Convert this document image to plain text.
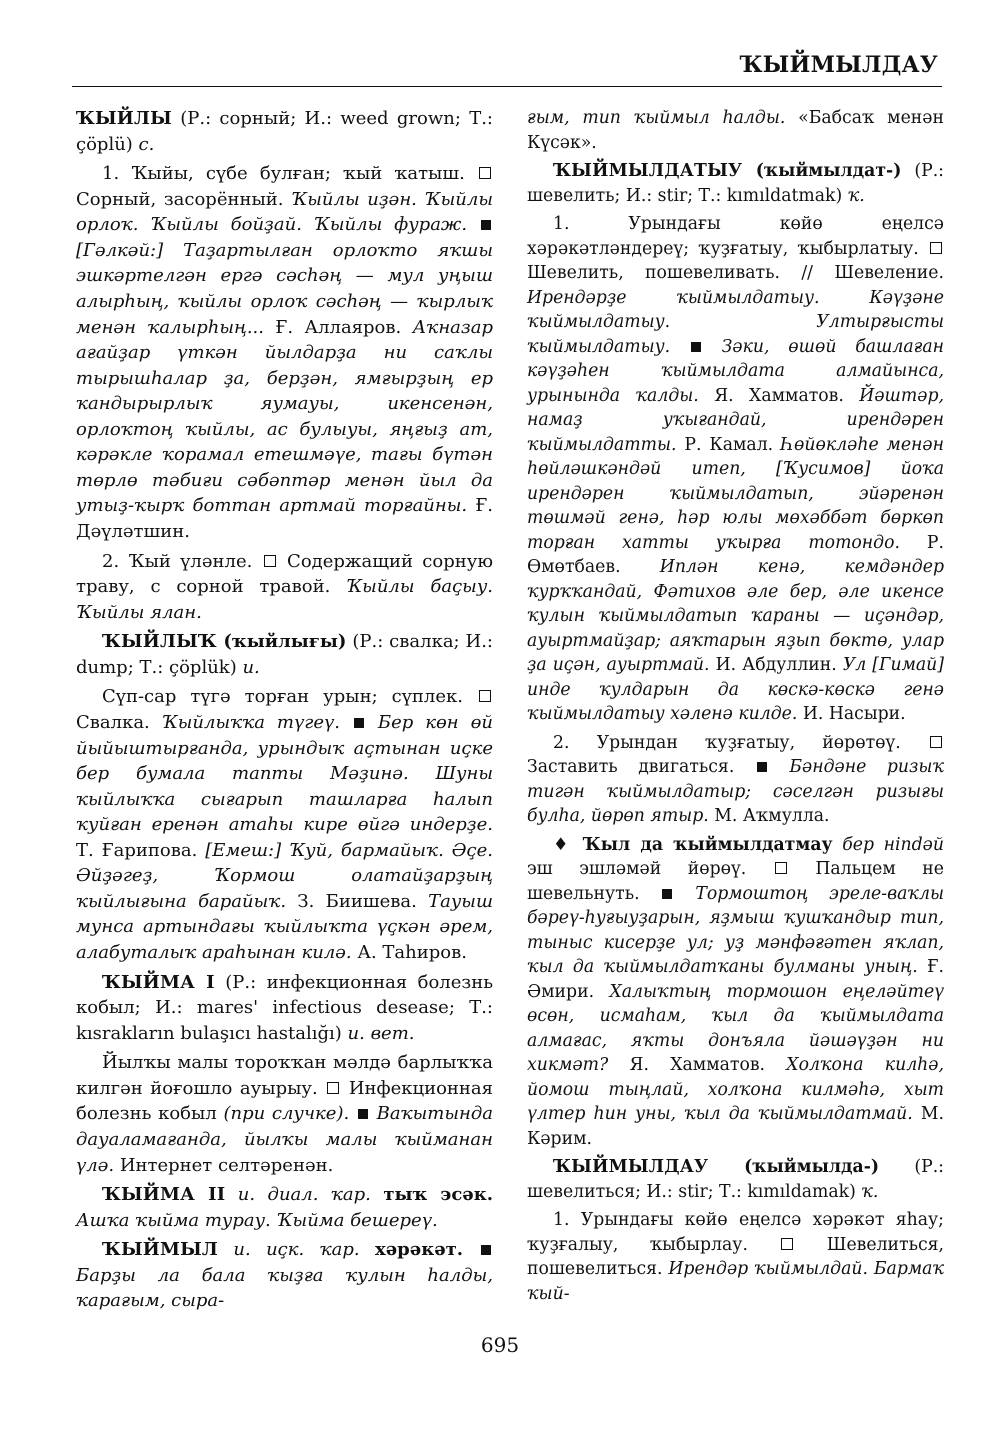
ҠЫЙМЫЛДАУ

ҠЫЙЛЫ (Р.: сорный; И.: weed grown; Т.: çöplü) с.

1. Ҡыйы, сүбе булған; ҡый ҡатыш.  Сорный, засорённый. Ҡыйлы иҙән. Ҡыйлы орлоҡ. Ҡыйлы бойҙай. Ҡыйлы фураж.  [Гәлкәй:] Таҙартылған орлоҡто яҡшы эшкәртелгән ергә сәсһәң — мул уңыш алырһың, ҡыйлы орлоҡ сәсһәң — ҡырлыҡ менән ҡалырһың... Ғ. Аллаяров. Аҡназар ағайҙар үткән йылдарҙа ни саҡлы тырышһалар ҙа, берҙән, ямғырҙың ер ҡандырырлыҡ яумауы, икенсенән, орлоҡтоң ҡыйлы, ас булыуы, яңғыҙ ат, кәрәкле ҡорамал етешмәүе, тағы бүтән төрлө тәбиғи сәбәптәр менән йыл да утыҙ-ҡырҡ боттан артмай торғайны. Ғ. Дәүләтшин.

2. Ҡый үләнле.  Содержащий сорную траву, с сорной травой. Ҡыйлы баҫыу. Ҡыйлы ялан.

ҠЫЙЛЫҠ (ҡыйлығы) (Р.: свалка; И.: dump; Т.: çöplük) и.

Сүп-сар түгә торған урын; сүплек.  Свалка. Ҡыйлыҡҡа түгеү.  Бер көн өй йыйыштырғанда, урындыҡ аҫтынан иҫке бер бумала тапты Мәҙинә. Шуны ҡыйлыҡҡа сығарып ташларға һалып ҡуйған еренән атаһы кире өйгә индерҙе. Т. Ғарипова. [Емеш:] Ҡуй, бармайыҡ. Әҫе. Әйҙәгеҙ, Ҡормош олатайҙарҙың ҡыйлығына барайыҡ. З. Биишева. Тауыш мунса артындағы ҡыйлыҡта үҫкән әрем, алабуталыҡ араһынан килә. А. Таһиров.

ҠЫЙМА I (Р.: инфекционная болезнь кобыл; И.: mares' infectious desease; Т.: kısrakların bulaşıcı hastalığı) и. вет.

Йылҡы малы тороҡҡан мәлдә барлыҡҡа килгән йоғошло ауырыу.  Инфекционная болезнь кобыл (при случке).  Ваҡытында дауаламағанда, йылҡы малы ҡыйманан үлә. Интернет селтәренән.

ҠЫЙМА II и. диал. ҡар. тыҡ эсәк. Ашҡа ҡыйма турау. Ҡыйма бешереү.

ҠЫЙМЫЛ и. иҫк. ҡар. хәрәкәт.  Барҙы ла бала ҡыҙға ҡулын һалды, ҡарағым, сыра-

ғым, тип ҡыймыл һалды. «Бабсаҡ менән Күсәк».

ҠЫЙМЫЛДАТЫУ (ҡыймылдат-) (Р.: шевелить; И.: stir; Т.: kımıldatmak) ҡ.

1. Урындағы көйө еңелсә хәрәкәтләндереү; ҡуҙғатыу, ҡыбырлатыу.  Шевелить, пошевеливать. // Шевеление. Ирендәрҙе ҡыймылдатыу. Кәүҙәне ҡыймылдатыу. Ултырғысты ҡыймылдатыу.  Зәки, өшөй башлаған кәүҙәһен ҡыймылдата алмайынса, урынында ҡалды. Я. Хамматов. Йәштәр, намаҙ уҡығандай, ирендәрен ҡыймылдатты. Р. Камал. Һөйөкләһе менән һөйләшкәндәй итеп, [Ҡусимов] йоҡа ирендәрен ҡыймылдатып, эйәренән төшмәй генә, һәр юлы мөхәббәт бөркөп торған хатты уҡырға тотондо. Р. Өмөтбаев. Иплән кенә, кемдәндер ҡурҡҡандай, Фәтихов әле бер, әле икенсе ҡулын ҡыймылдатып ҡараны — иҫәндәр, ауыртмайҙар; аяҡтарын яҙып бөктө, улар ҙа иҫән, ауыртмай. И. Абдуллин. Ул [Гимай] инде ҡулдарын да көскә-көскә генә ҡыймылдатыу хәленә килде. И. Насыри.

2. Урындан ҡуҙғатыу, йөрөтөү.  Заставить двигаться.  Бәндәне ризыҡ тигән ҡыймылдатыр; сәселгән ризығы булһа, йөрөп ятыр. М. Аҡмулла.

♦ Ҡыл да ҡыймылдатмау бер нindәй эш эшләмәй йөрөү.  Пальцем не шевельнуть.  Тормоштоң эреле-ваҡлы бәреү-һуғыуҙарын, яҙмыш ҡушҡандыр тип, тыныс кисерҙе ул; уҙ мәнфәғәтен яҡлап, ҡыл да ҡыймылдатҡаны булманы уның. Ғ. Әмири. Халыҡтың тормошон еңеләйтеү өсөн, исмаһам, ҡыл да ҡыймылдата алмағас, яҡты донъяла йәшәүҙән ни хикмәт? Я. Хамматов. Холҡона килһә, йомош тыңлай, холҡона килмәһә, хыт үлтер һин уны, ҡыл да ҡыймылдатмай. М. Кәрим.

ҠЫЙМЫЛДАУ (ҡыймылда-) (Р.: шевелиться; И.: stir; Т.: kımıldamak) ҡ.

1. Урындағы көйө еңелсә хәрәкәт яһау; ҡуҙғалыу, ҡыбырлау.  Шевелиться, пошевелиться. Ирендәр ҡыймылдай. Бармаҡ ҡый-

695
